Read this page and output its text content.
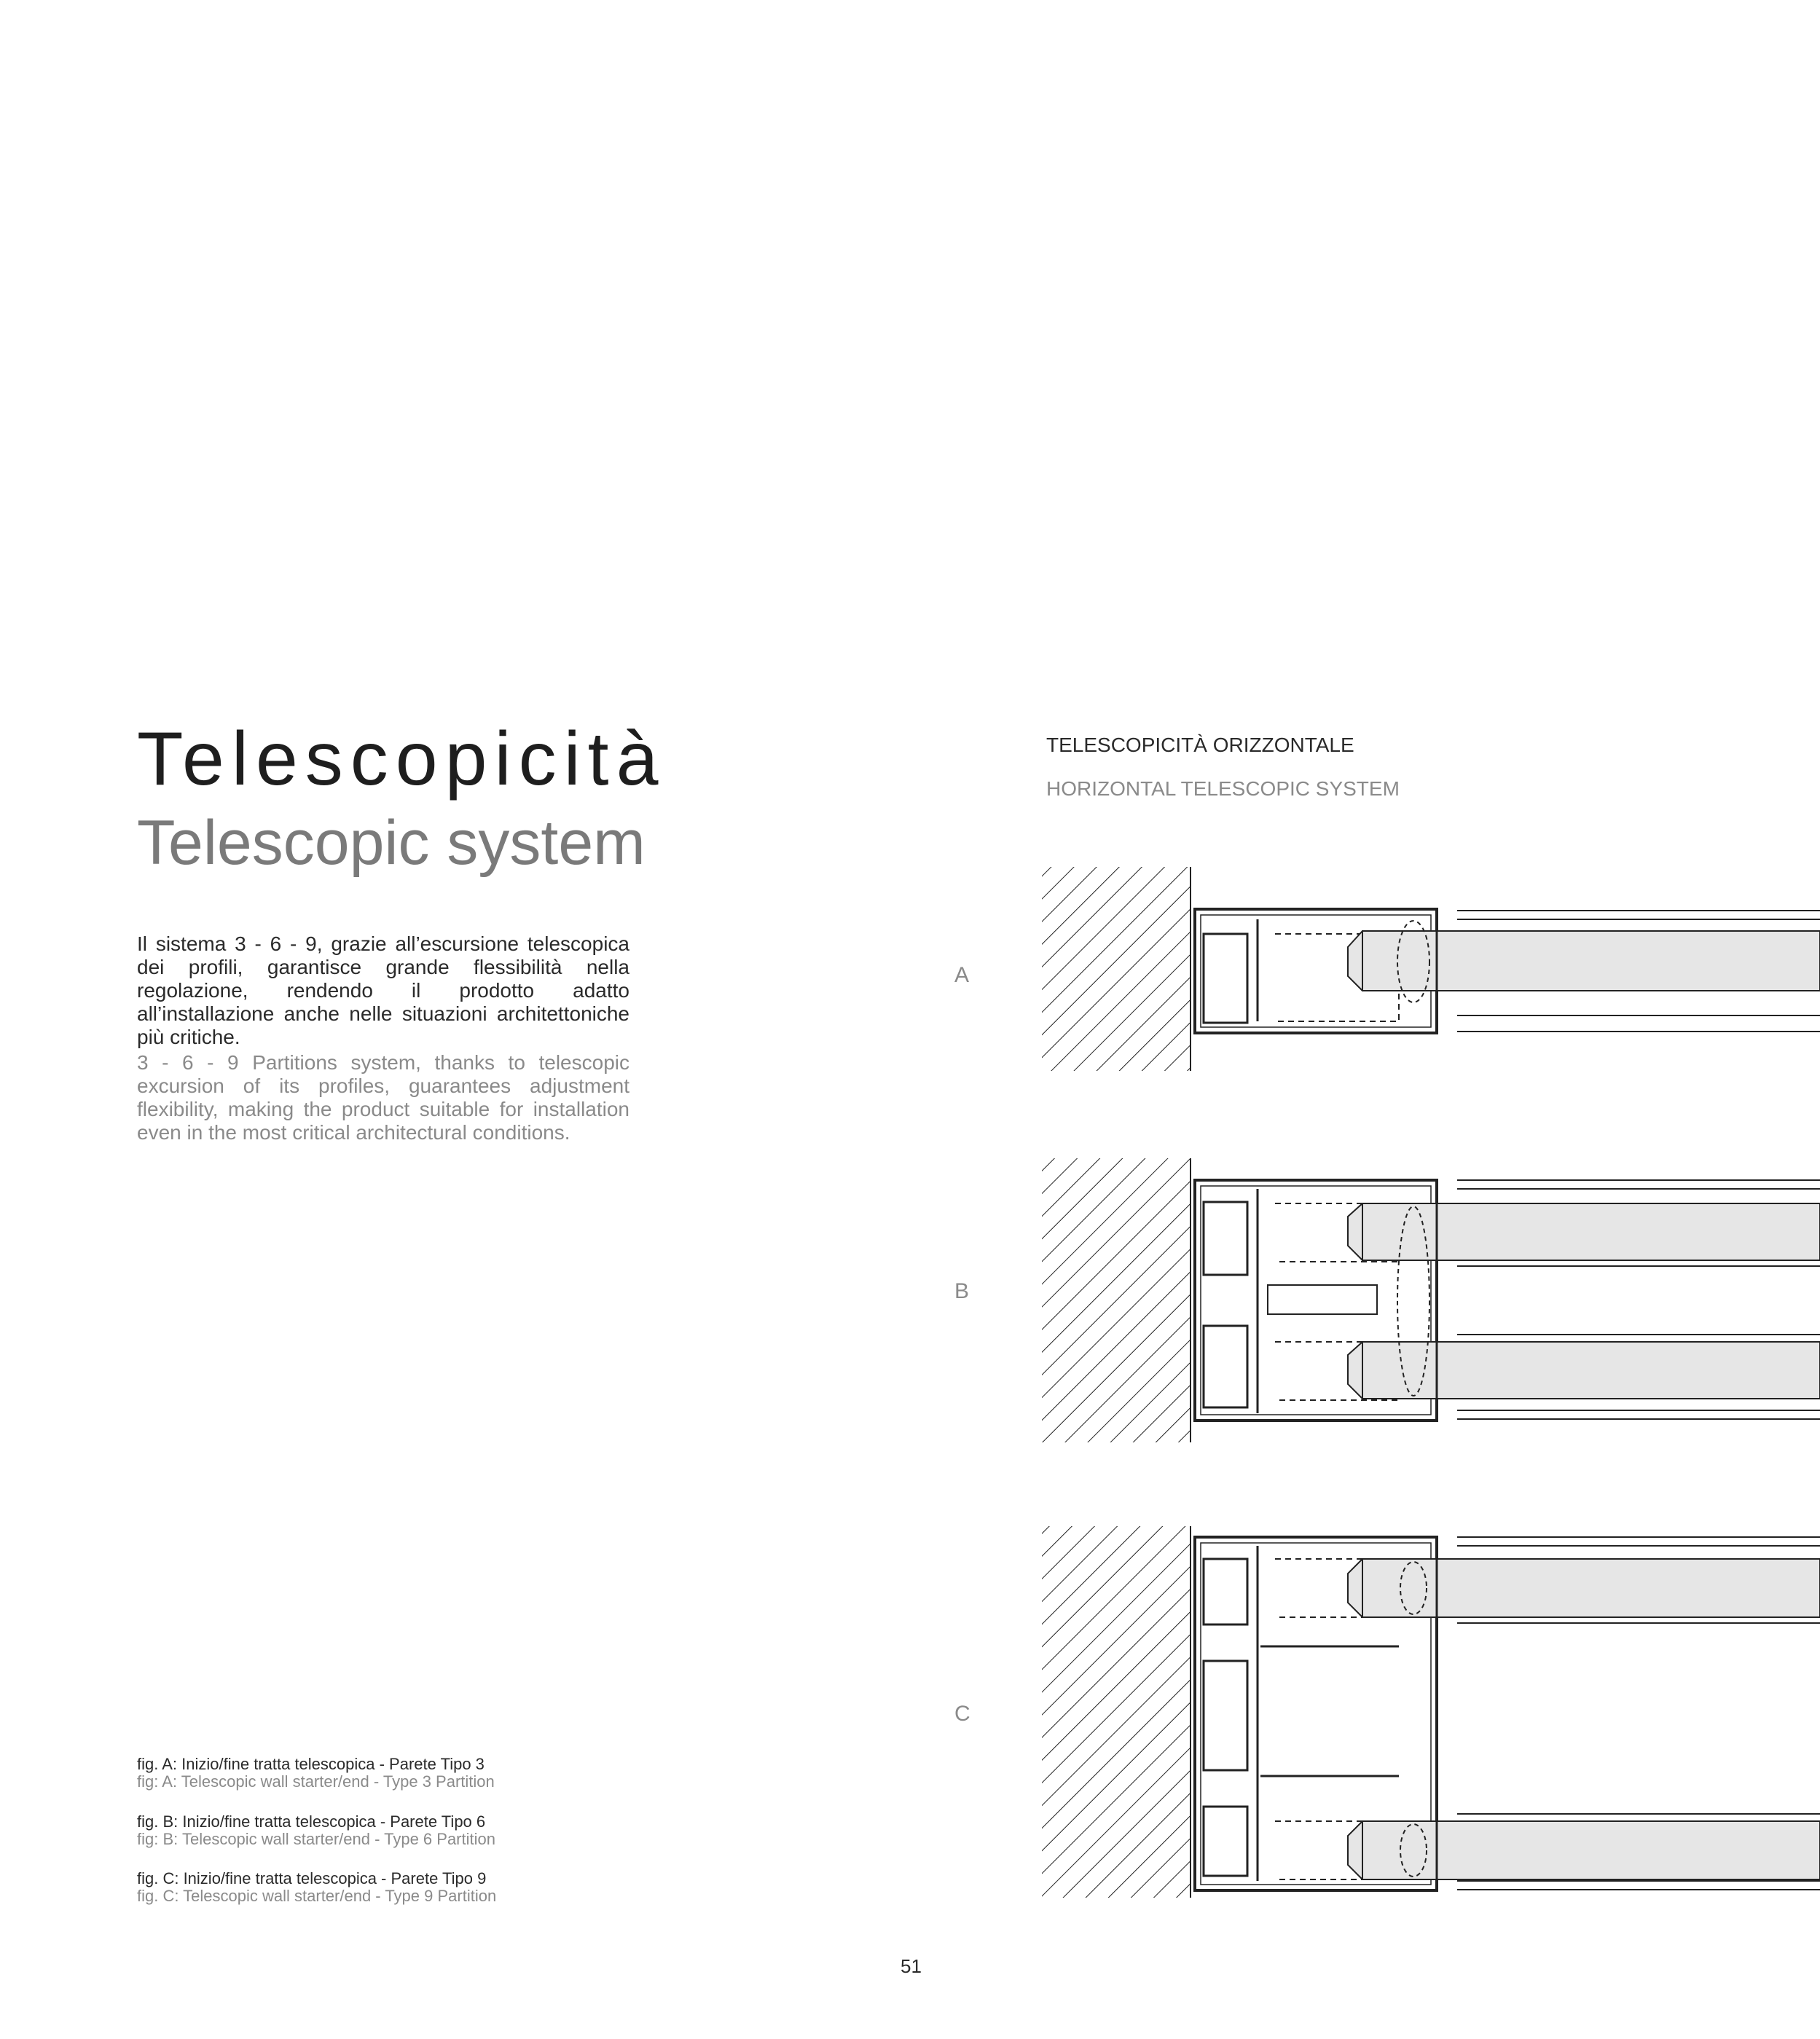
Telescopicità
Telescopic system
Il sistema 3 - 6 - 9, grazie all’escursione telescopica dei profili, garantisce grande flessibilità nella regolazione, rendendo il prodotto adatto all’installazione anche nelle situazioni architettoniche più critiche.
3 - 6 - 9 Partitions system, thanks to telescopic excursion of its profiles, guarantees adjustment flexibility, making the product suitable for installation even in the most critical architectural conditions.
TELESCOPICITÀ ORIZZONTALE
HORIZONTAL TELESCOPIC SYSTEM
A
B
C
fig. A: Inizio/fine tratta telescopica - Parete Tipo 3
fig: A: Telescopic wall starter/end - Type 3 Partition
fig. B: Inizio/fine tratta telescopica - Parete Tipo 6
fig: B: Telescopic wall starter/end - Type 6 Partition
fig. C: Inizio/fine tratta telescopica - Parete Tipo 9
fig. C: Telescopic wall starter/end - Type 9 Partition
51
